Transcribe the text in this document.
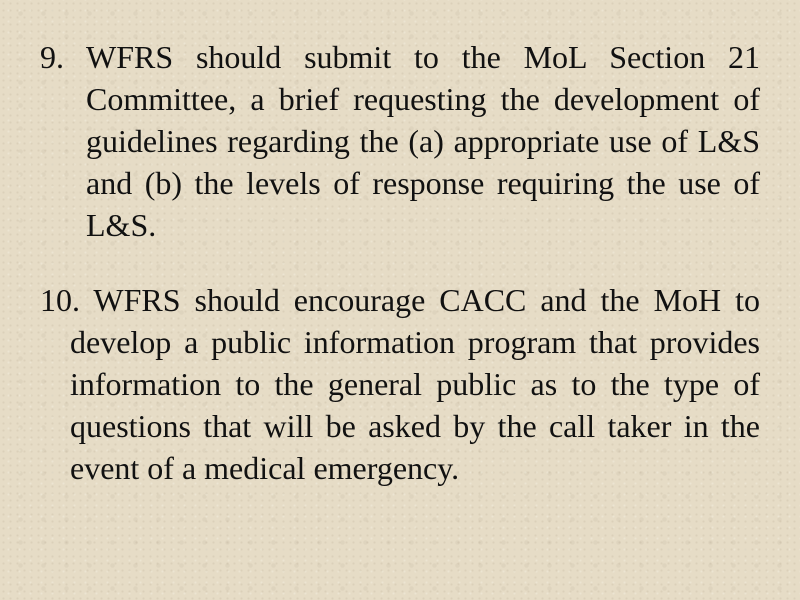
9. WFRS should submit to the MoL Section 21 Committee, a brief requesting the development of guidelines regarding the (a) appropriate use of L&S and (b) the levels of response requiring the use of L&S.
10. WFRS should encourage CACC and the MoH to develop a public information program that provides information to the general public as to the type of questions that will be asked by the call taker in the event of a medical emergency.
